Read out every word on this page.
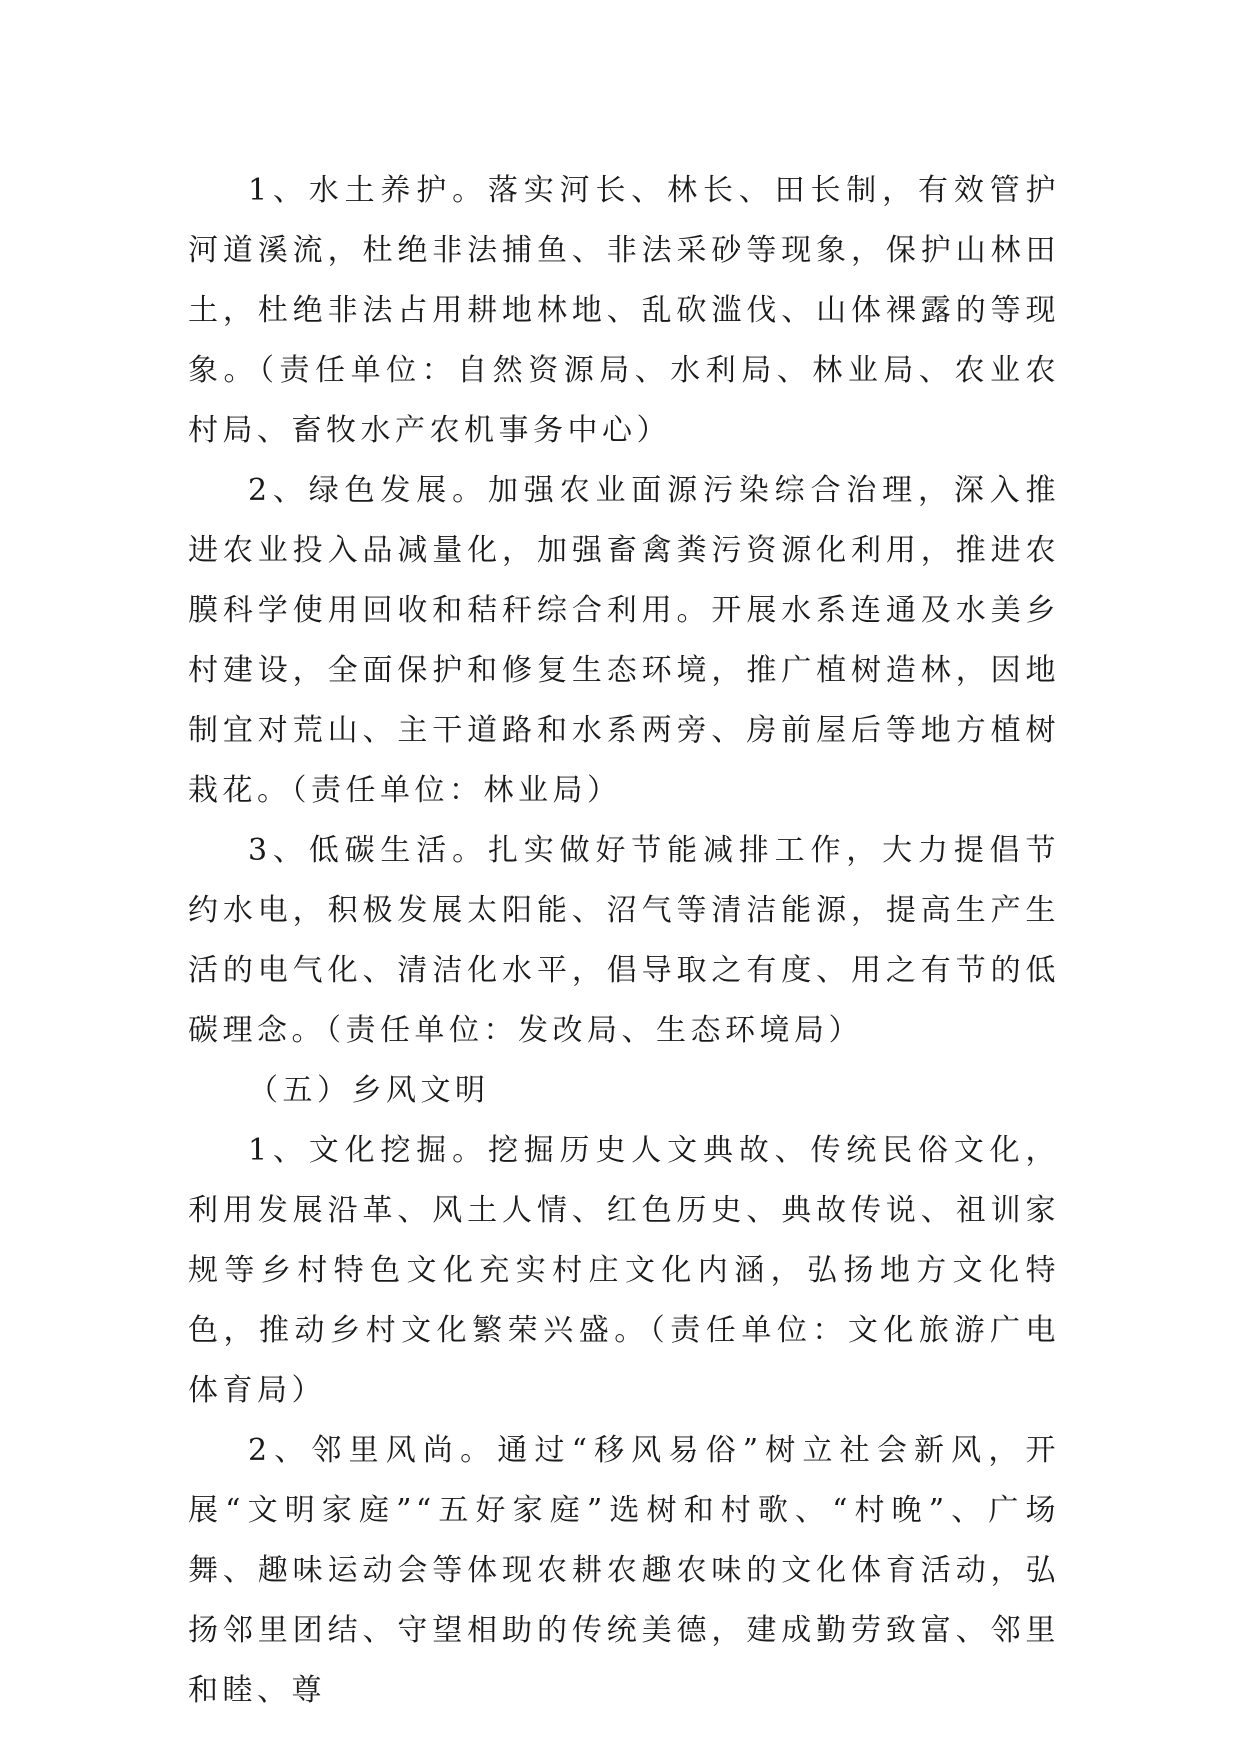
1、水土养护。落实河长、林长、田长制，有效管护河道溪流，杜绝非法捕鱼、非法采砂等现象，保护山林田土，杜绝非法占用耕地林地、乱砍滥伐、山体裸露的等现象。（责任单位：自然资源局、水利局、林业局、农业农村局、畜牧水产农机事务中心）

2、绿色发展。加强农业面源污染综合治理，深入推进农业投入品减量化，加强畜禽粪污资源化利用，推进农膜科学使用回收和秸秆综合利用。开展水系连通及水美乡村建设，全面保护和修复生态环境，推广植树造林，因地制宜对荒山、主干道路和水系两旁、房前屋后等地方植树栽花。（责任单位：林业局）

3、低碳生活。扎实做好节能减排工作，大力提倡节约水电，积极发展太阳能、沼气等清洁能源，提高生产生活的电气化、清洁化水平，倡导取之有度、用之有节的低碳理念。（责任单位：发改局、生态环境局）

（五）乡风文明

1、文化挖掘。挖掘历史人文典故、传统民俗文化，利用发展沿革、风土人情、红色历史、典故传说、祖训家规等乡村特色文化充实村庄文化内涵，弘扬地方文化特色，推动乡村文化繁荣兴盛。（责任单位：文化旅游广电体育局）

2、邻里风尚。通过“移风易俗”树立社会新风，开展“文明家庭”“五好家庭”选树和村歌、“村晚”、广场舞、趣味运动会等体现农耕农趣农味的文化体育活动，弘扬邻里团结、守望相助的传统美德，建成勤劳致富、邻里和睦、尊
